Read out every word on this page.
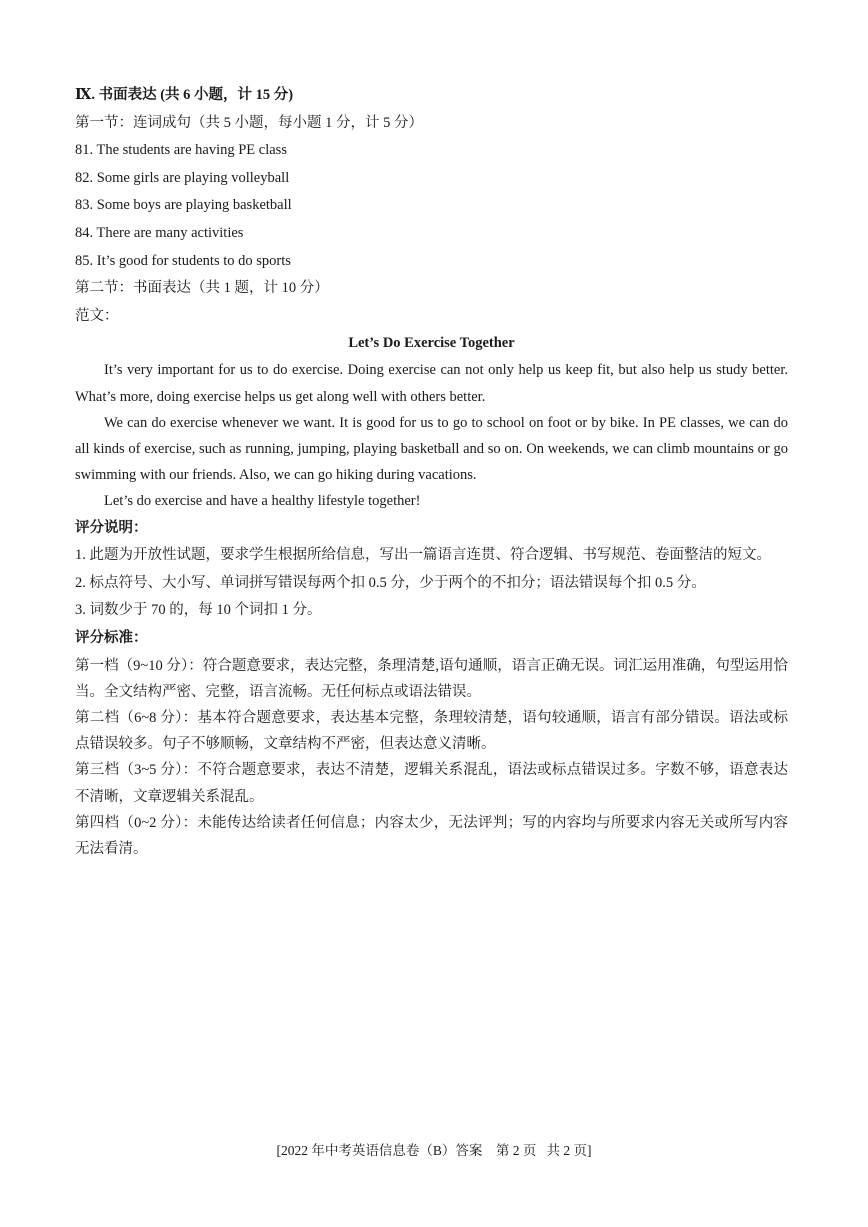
Ⅸ. 书面表达 (共 6 小题，计 15 分)

第一节：连词成句（共 5 小题，每小题 1 分，计 5 分）

81. The students are having PE class

82. Some girls are playing volleyball

83. Some boys are playing basketball

84. There are many activities

85. It’s good for students to do sports

第二节：书面表达（共 1 题，计 10 分）

范文：

Let’s Do Exercise Together

It’s very important for us to do exercise. Doing exercise can not only help us keep fit, but also help us study better. What’s more, doing exercise helps us get along well with others better.

We can do exercise whenever we want. It is good for us to go to school on foot or by bike. In PE classes, we can do all kinds of exercise, such as running, jumping, playing basketball and so on. On weekends, we can climb mountains or go swimming with our friends. Also, we can go hiking during vacations.

Let’s do exercise and have a healthy lifestyle together!

评分说明：

1. 此题为开放性试题，要求学生根据所给信息，写出一篇语言连贯、符合逻辑、书写规范、卷面整洁的短文。

2. 标点符号、大小写、单词拼写错误每两个扣 0.5 分，少于两个的不扣分；语法错误每个扣 0.5 分。

3. 词数少于 70 的，每 10 个词扣 1 分。

评分标准：

第一档（9~10 分）：符合题意要求，表达完整，条理清楚,语句通顺，语言正确无误。词汇运用准确，句型运用恰当。全文结构严密、完整，语言流畅。无任何标点或语法错误。

第二档（6~8 分）：基本符合题意要求，表达基本完整，条理较清楚，语句较通顺，语言有部分错误。语法或标点错误较多。句子不够顺畅，文章结构不严密，但表达意义清晰。

第三档（3~5 分）：不符合题意要求，表达不清楚，逻辑关系混乱，语法或标点错误过多。字数不够，语意表达不清晰，文章逻辑关系混乱。

第四档（0~2 分）：未能传达给读者任何信息；内容太少，无法评判；写的内容均与所要求内容无关或所写内容无法看清。

[2022 年中考英语信息卷（B）答案    第 2 页   共 2 页]
